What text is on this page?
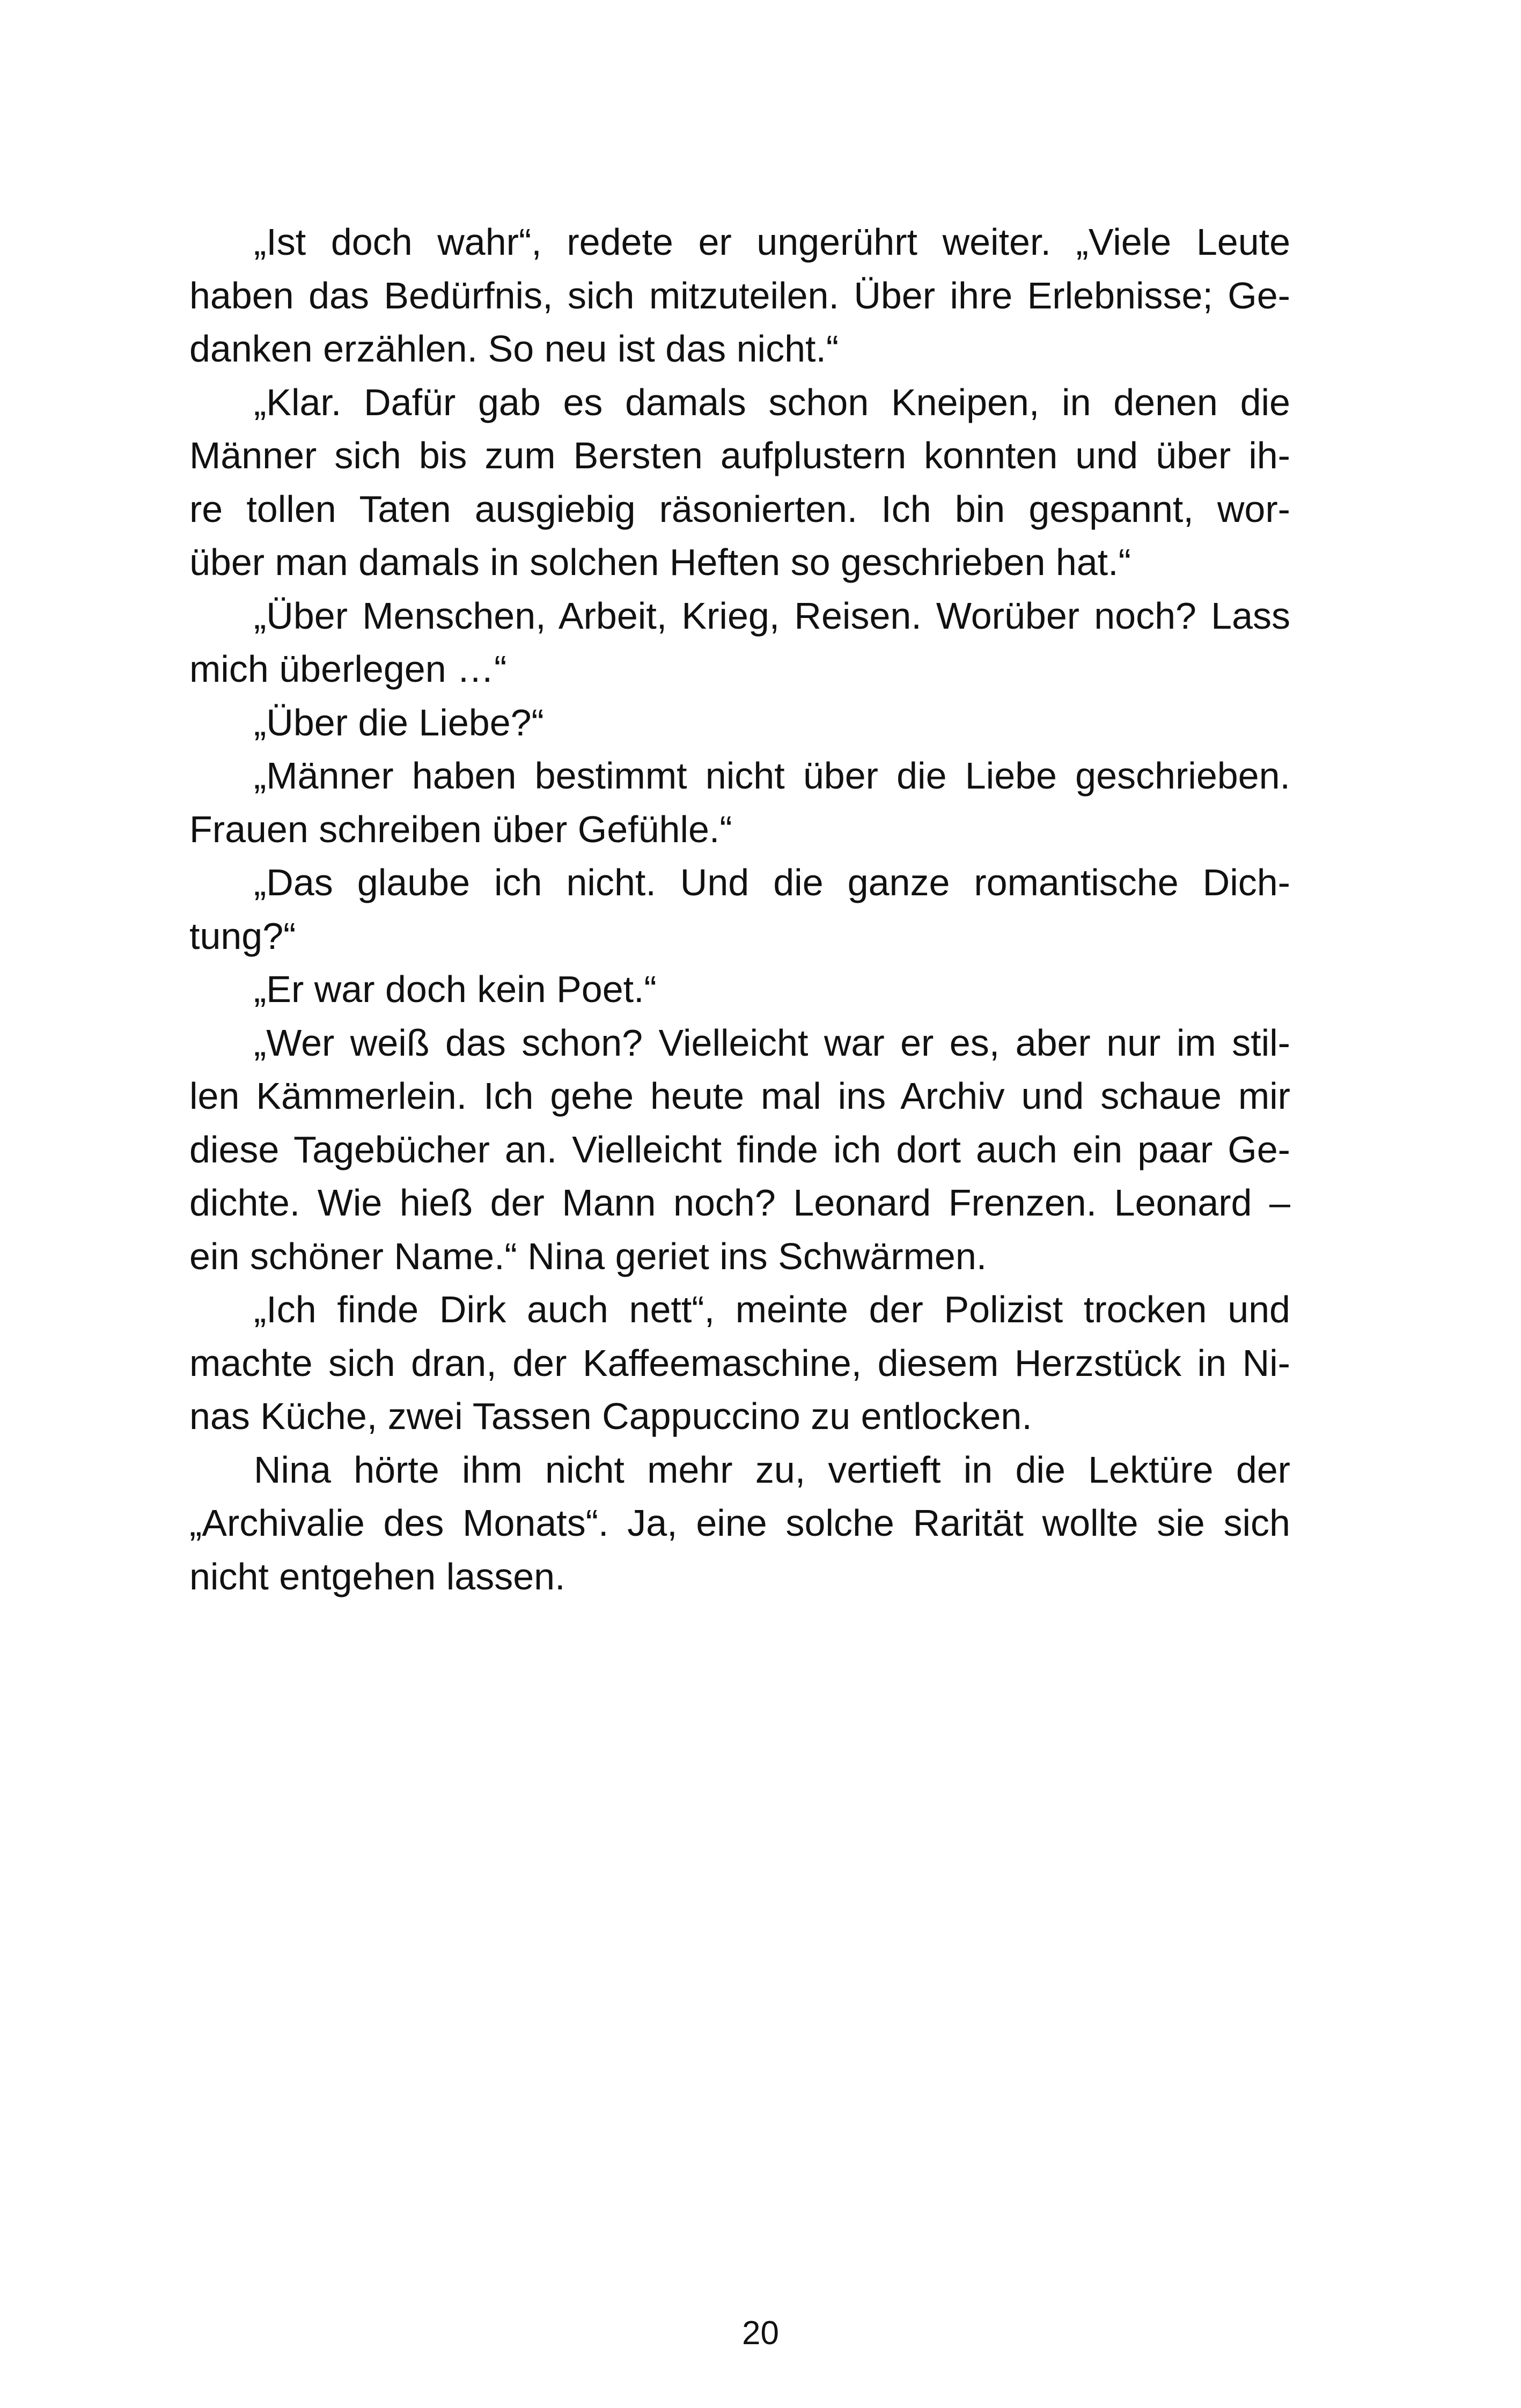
„Ist doch wahr“, redete er ungerührt weiter. „Viele Leute
haben das Bedürfnis, sich mitzuteilen. Über ihre Erlebnisse; Ge-
danken erzählen. So neu ist das nicht.“
„Klar. Dafür gab es damals schon Kneipen, in denen die
Männer sich bis zum Bersten aufplustern konnten und über ih-
re tollen Taten ausgiebig räsonierten. Ich bin gespannt, wor-
über man damals in solchen Heften so geschrieben hat.“
„Über Menschen, Arbeit, Krieg, Reisen. Worüber noch? Lass
mich überlegen …“
„Über die Liebe?“
„Männer haben bestimmt nicht über die Liebe geschrieben.
Frauen schreiben über Gefühle.“
„Das glaube ich nicht. Und die ganze romantische Dich-
tung?“
„Er war doch kein Poet.“
„Wer weiß das schon? Vielleicht war er es, aber nur im stil-
len Kämmerlein. Ich gehe heute mal ins Archiv und schaue mir
diese Tagebücher an. Vielleicht finde ich dort auch ein paar Ge-
dichte. Wie hieß der Mann noch? Leonard Frenzen. Leonard –
ein schöner Name.“ Nina geriet ins Schwärmen.
„Ich finde Dirk auch nett“, meinte der Polizist trocken und
machte sich dran, der Kaffeemaschine, diesem Herzstück in Ni-
nas Küche, zwei Tassen Cappuccino zu entlocken.
Nina hörte ihm nicht mehr zu, vertieft in die Lektüre der
„Archivalie des Monats“. Ja, eine solche Rarität wollte sie sich
nicht entgehen lassen.
20
